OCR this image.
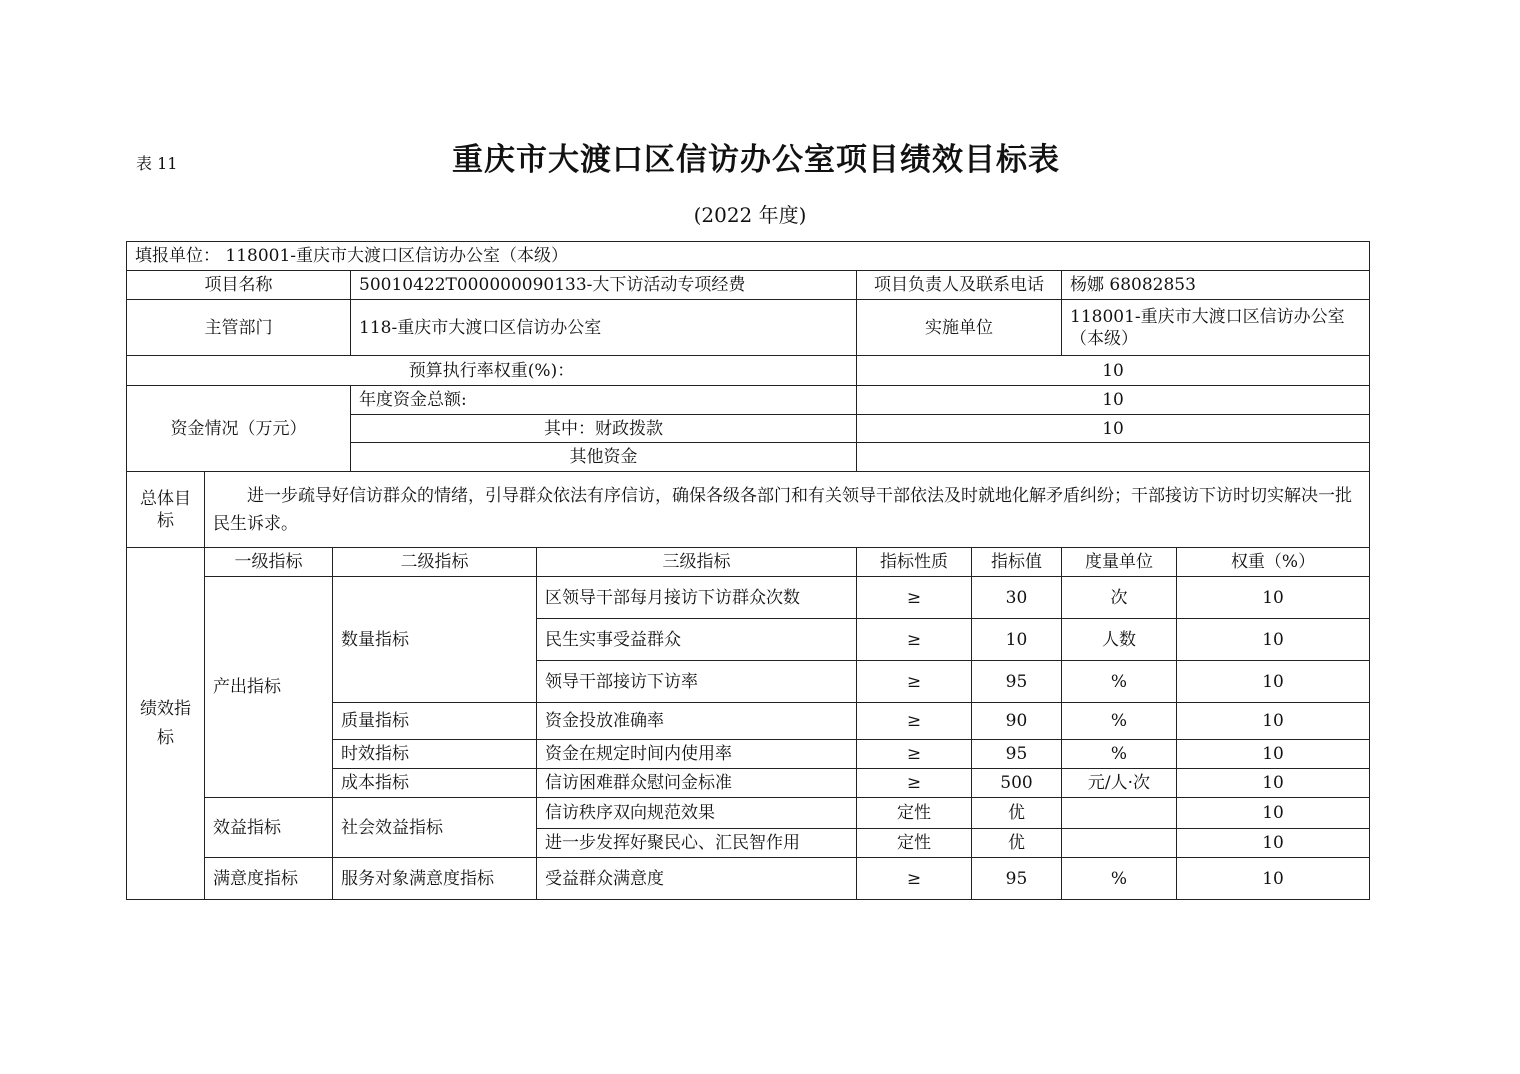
表 11	重庆市大渡口区信访办公室项目绩效目标表
(2022 年度)
填报单位： 118001-重庆市大渡口区信访办公室（本级）								
项目名称			50010422T000000090133-大下访活动专项经费		项目负责人及联系电话		杨娜 68082853	
主管部门			118-重庆市大渡口区信访办公室		实施单位		118001-重庆市大渡口区信访办公室（本级）	
预算执行率权重(%)：					10			
资金情况（万元）			年度资金总额:		10			
			其中：财政拨款		10			
			其他资金					
总体目标	进一步疏导好信访群众的情绪，引导群众依法有序信访，确保各级各部门和有关领导干部依法及时就地化解矛盾纠纷；干部接访下访时切实解决一批民生诉求。							
绩效指标	一级指标	二级指标		三级指标	指标性质	指标值	度量单位	权重（%）
	产出指标	数量指标		区领导干部每月接访下访群众次数	≥	30	次	10
				民生实事受益群众	≥	10	人数	10
				领导干部接访下访率	≥	95	%	10
		质量指标		资金投放准确率	≥	90	%	10
		时效指标		资金在规定时间内使用率	≥	95	%	10
		成本指标		信访困难群众慰问金标准	≥	500	元/人·次	10
	效益指标	社会效益指标		信访秩序双向规范效果	定性	优		10
				进一步发挥好聚民心、汇民智作用	定性	优		10
	满意度指标	服务对象满意度指标		受益群众满意度	≥	95	%	10
